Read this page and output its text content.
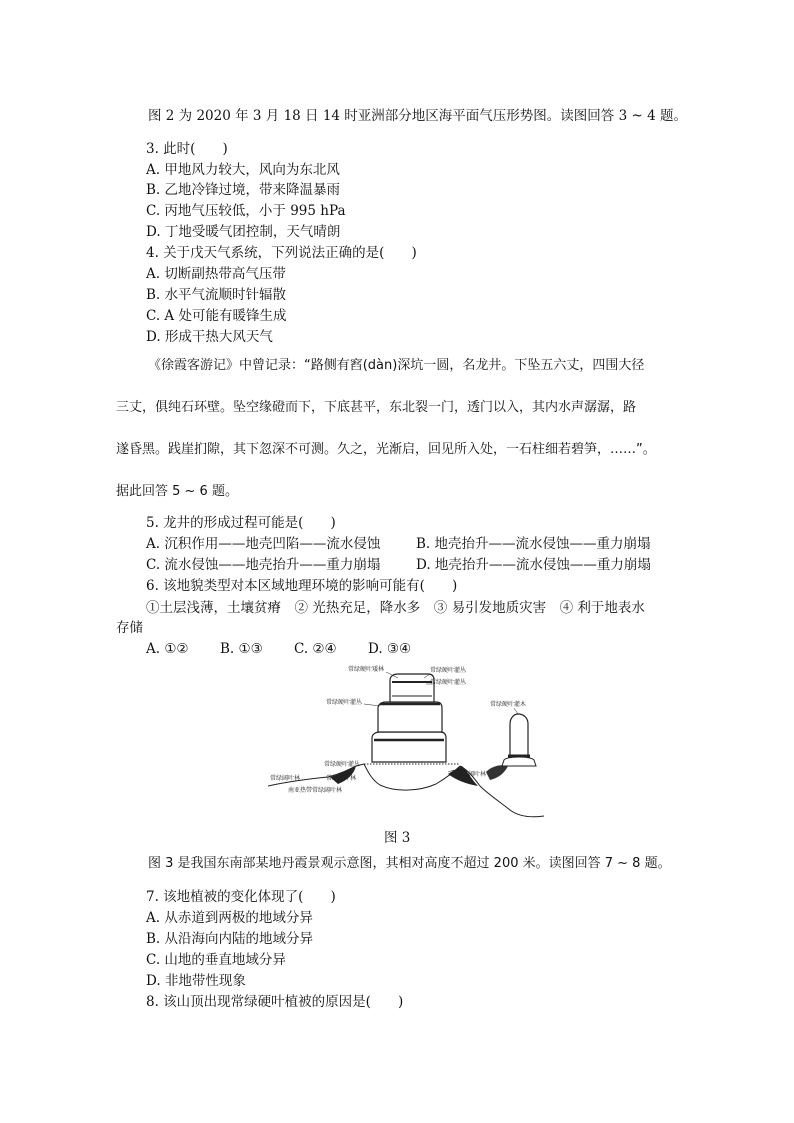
图 2 为 2020 年 3 月 18 日 14 时亚洲部分地区海平面气压形势图。读图回答 3 ~ 4 题。
3. 此时(　　)
A. 甲地风力较大，风向为东北风
B. 乙地冷锋过境，带来降温暴雨
C. 丙地气压较低，小于 995 hPa
D. 丁地受暖气团控制，天气晴朗
4. 关于戊天气系统，下列说法正确的是(　　)
A. 切断副热带高气压带
B. 水平气流顺时针辐散
C. A 处可能有暖锋生成
D. 形成干热大风天气
《徐霞客游记》中曾记录：“路侧有窞(dàn)深坑一圆，名龙井。下坠五六丈，四围大径
三丈，俱纯石环壁。坠空缘磴而下，下底甚平，东北裂一门，透门以入，其内水声潺潺，路
遂昏黑。践崖扪隙，其下忽深不可测。久之，光渐启，回见所入处，一石柱细若碧笋，……”。
据此回答 5 ~ 6 题。
5. 龙井的形成过程可能是(　　)
A. 沉积作用——地壳凹陷——流水侵蚀	B. 地壳抬升——流水侵蚀——重力崩塌
C. 流水侵蚀——地壳抬升——重力崩塌	D. 地壳抬升——流水侵蚀——重力崩塌
6. 该地貌类型对本区域地理环境的影响可能有(　　)
①土层浅薄，土壤贫瘠　② 光热充足，降水多　③ 易引发地质灾害　④ 利于地表水
存储
A. ①② B. ①③ C. ②④ D. ③④
常绿硬叶矮林	常绿硬叶灌丛
常绿硬叶灌丛
常绿硬叶灌丛	常绿硬叶灌木
常绿硬叶灌丛
常绿阔叶林	常绿阔叶林
常绿阔叶林
南亚热带常绿阔叶林
图 3
图 3 是我国东南部某地丹霞景观示意图，其相对高度不超过 200 米。读图回答 7 ~ 8 题。
7. 该地植被的变化体现了(　　)
A. 从赤道到两极的地域分异
B. 从沿海向内陆的地域分异
C. 山地的垂直地域分异
D. 非地带性现象
8. 该山顶出现常绿硬叶植被的原因是(　　)
